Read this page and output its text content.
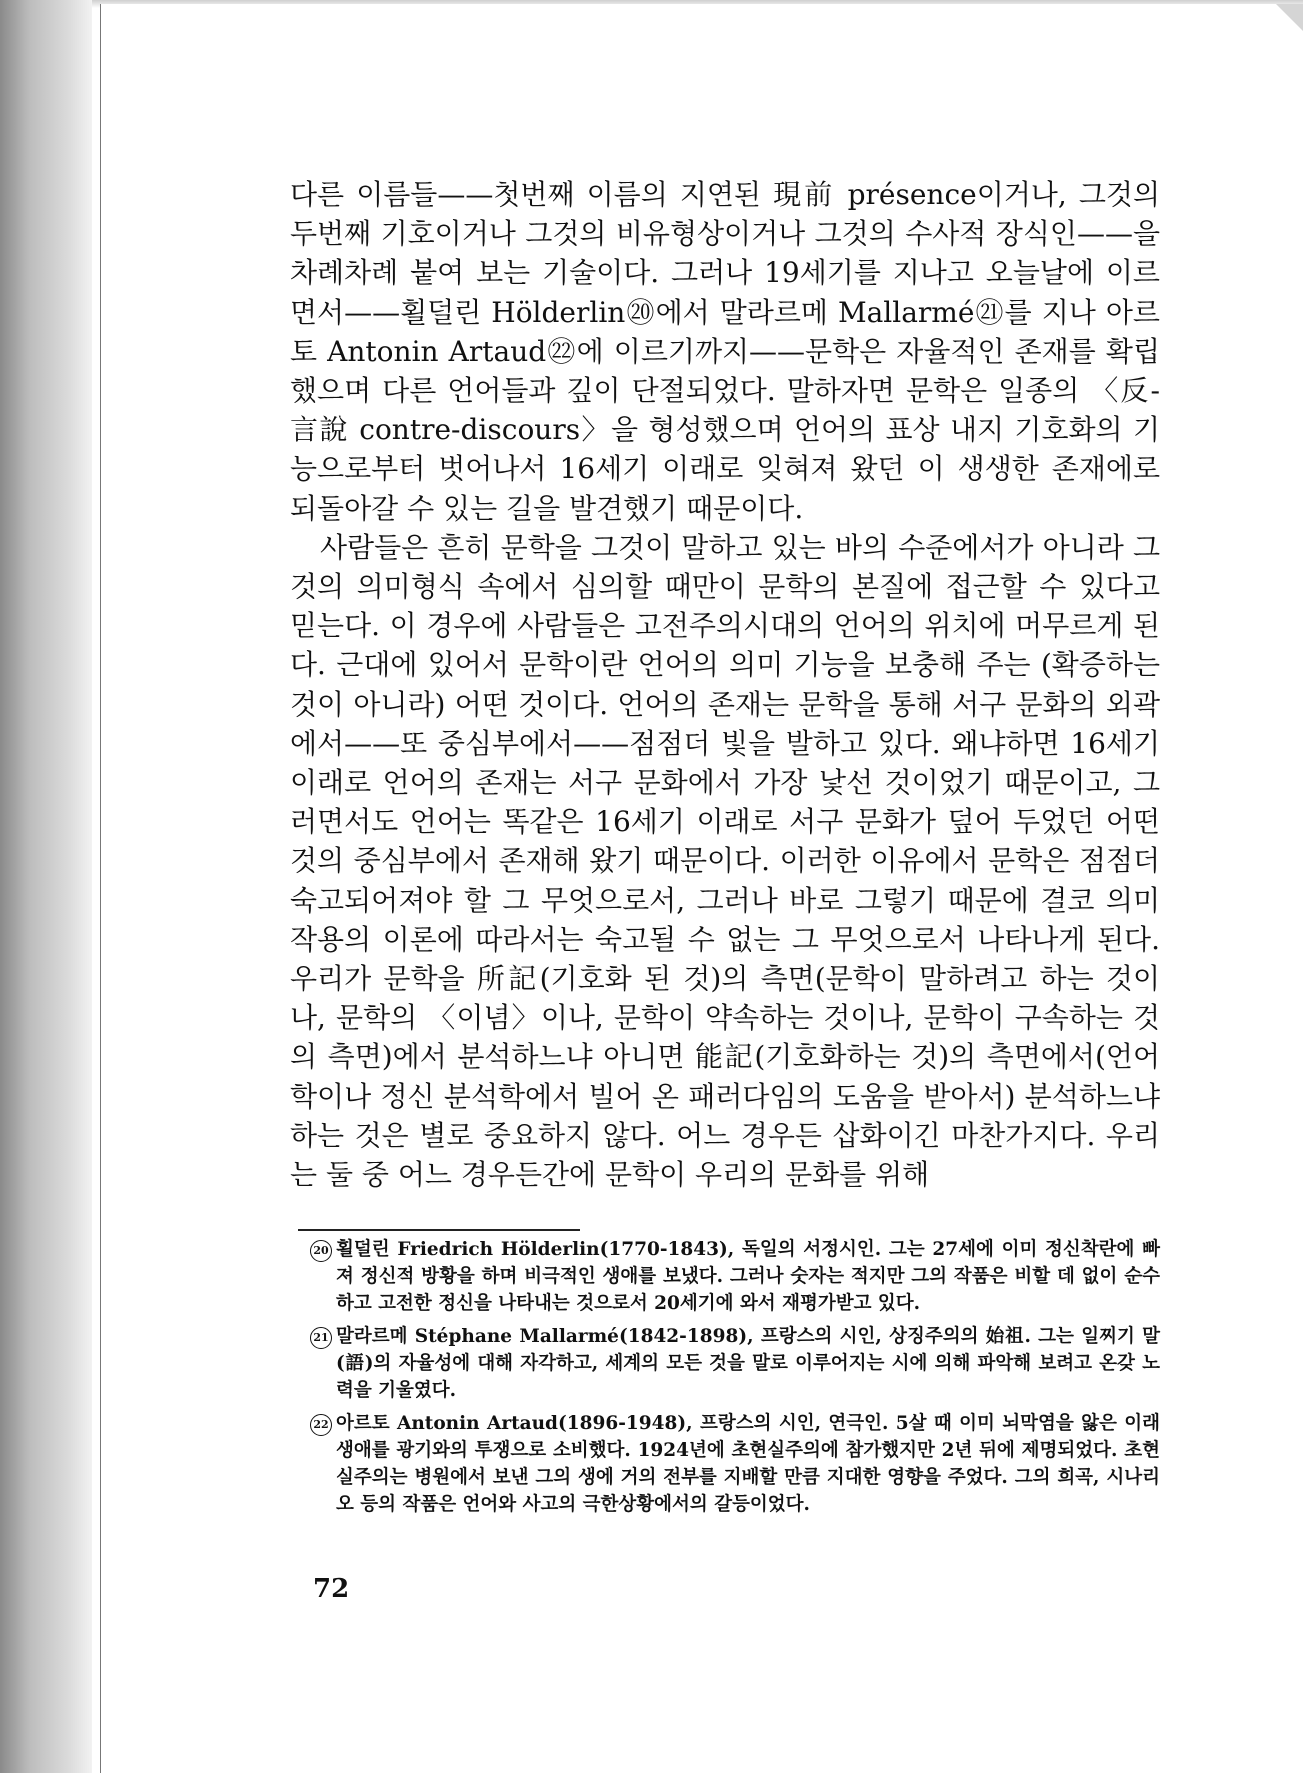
다른 이름들——첫번째 이름의 지연된 現前 présence이거나, 그것의 두번째 기호이거나 그것의 비유형상이거나 그것의 수사적 장식인——을 차례차례 붙여 보는 기술이다. 그러나 19세기를 지나고 오늘날에 이르면서——횔덜린 Hölderlin⑳에서 말라르메 Mallarmé㉑를 지나 아르토 Antonin Artaud㉒에 이르기까지——문학은 자율적인 존재를 확립했으며 다른 언어들과 깊이 단절되었다. 말하자면 문학은 일종의 〈反-言說 contre-discours〉을 형성했으며 언어의 표상 내지 기호화의 기능으로부터 벗어나서 16세기 이래로 잊혀져 왔던 이 생생한 존재에로 되돌아갈 수 있는 길을 발견했기 때문이다.

사람들은 흔히 문학을 그것이 말하고 있는 바의 수준에서가 아니라 그것의 의미형식 속에서 심의할 때만이 문학의 본질에 접근할 수 있다고 믿는다. 이 경우에 사람들은 고전주의시대의 언어의 위치에 머무르게 된다. 근대에 있어서 문학이란 언어의 의미 기능을 보충해 주는 (확증하는 것이 아니라) 어떤 것이다. 언어의 존재는 문학을 통해 서구 문화의 외곽에서——또 중심부에서——점점더 빛을 발하고 있다. 왜냐하면 16세기 이래로 언어의 존재는 서구 문화에서 가장 낯선 것이었기 때문이고, 그러면서도 언어는 똑같은 16세기 이래로 서구 문화가 덮어 두었던 어떤 것의 중심부에서 존재해 왔기 때문이다. 이러한 이유에서 문학은 점점더 숙고되어져야 할 그 무엇으로서, 그러나 바로 그렇기 때문에 결코 의미 작용의 이론에 따라서는 숙고될 수 없는 그 무엇으로서 나타나게 된다. 우리가 문학을 所記(기호화 된 것)의 측면(문학이 말하려고 하는 것이나, 문학의 〈이념〉이나, 문학이 약속하는 것이나, 문학이 구속하는 것의 측면)에서 분석하느냐 아니면 能記(기호화하는 것)의 측면에서(언어학이나 정신 분석학에서 빌어 온 패러다임의 도움을 받아서) 분석하느냐 하는 것은 별로 중요하지 않다. 어느 경우든 삽화이긴 마찬가지다. 우리는 둘 중 어느 경우든간에 문학이 우리의 문화를 위해

20 횔덜린 Friedrich Hölderlin(1770-1843), 독일의 서정시인. 그는 27세에 이미 정신착란에 빠져 정신적 방황을 하며 비극적인 생애를 보냈다. 그러나 숫자는 적지만 그의 작품은 비할 데 없이 순수하고 고전한 정신을 나타내는 것으로서 20세기에 와서 재평가받고 있다.

21 말라르메 Stéphane Mallarmé(1842-1898), 프랑스의 시인, 상징주의의 始祖. 그는 일찌기 말(語)의 자율성에 대해 자각하고, 세계의 모든 것을 말로 이루어지는 시에 의해 파악해 보려고 온갖 노력을 기울였다.

22 아르토 Antonin Artaud(1896-1948), 프랑스의 시인, 연극인. 5살 때 이미 뇌막염을 앓은 이래 생애를 광기와의 투쟁으로 소비했다. 1924년에 초현실주의에 참가했지만 2년 뒤에 제명되었다. 초현실주의는 병원에서 보낸 그의 생에 거의 전부를 지배할 만큼 지대한 영향을 주었다. 그의 희곡, 시나리오 등의 작품은 언어와 사고의 극한상황에서의 갈등이었다.

72
